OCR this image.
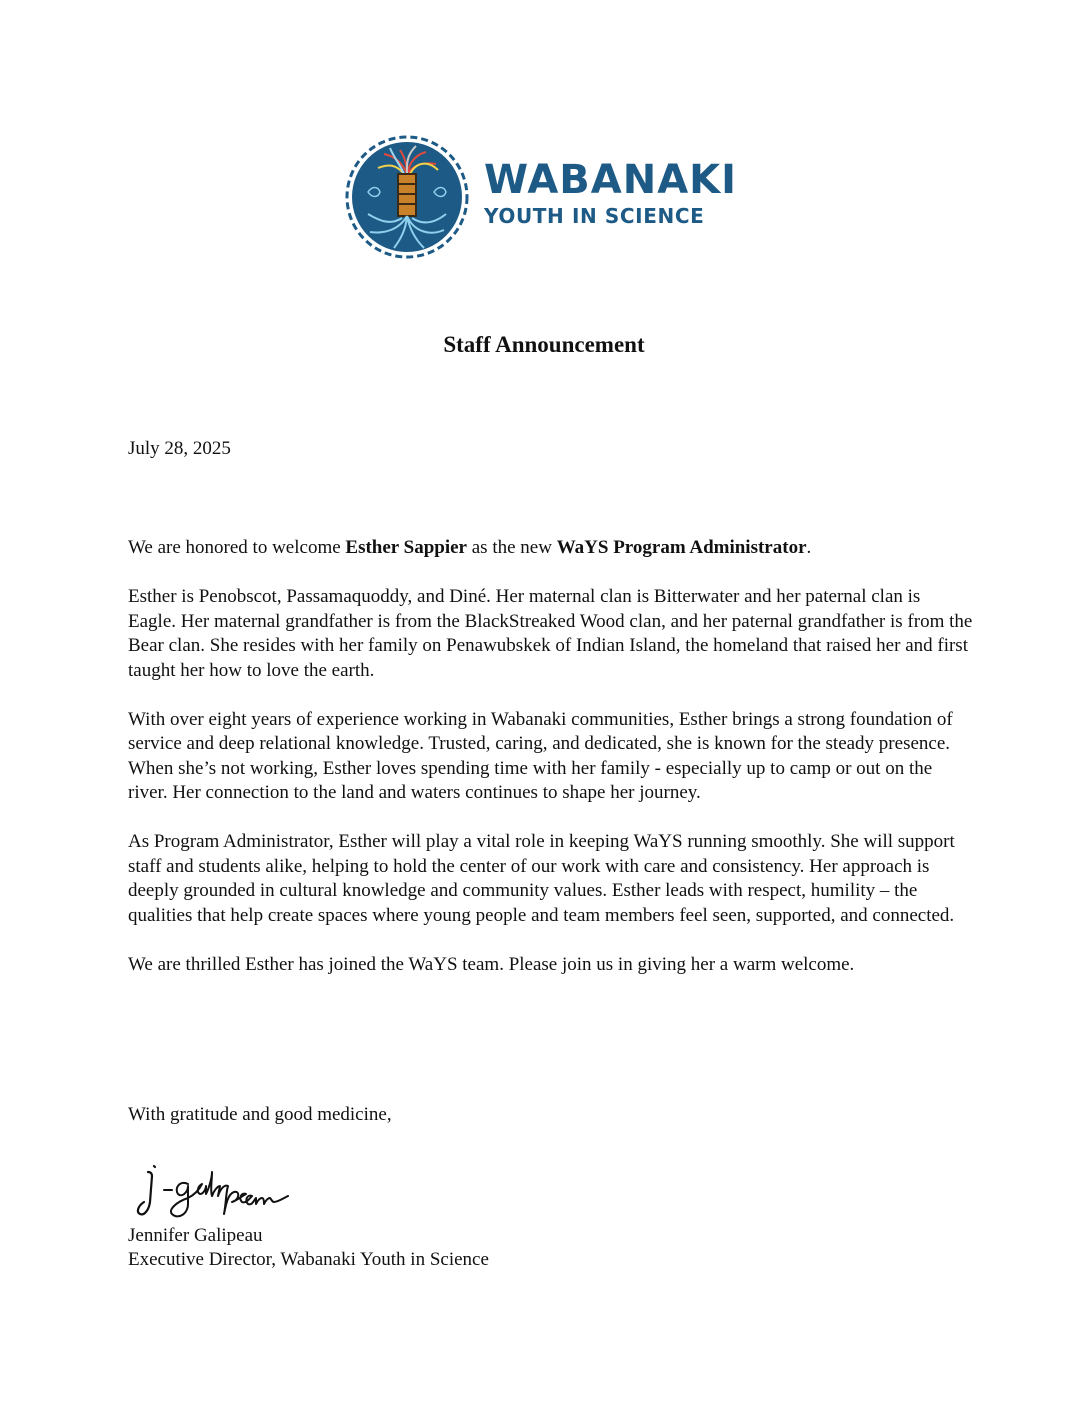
WABANAKI
YOUTH IN SCIENCE
Staff Announcement
July 28, 2025

We are honored to welcome Esther Sappier as the new WaYS Program Administrator.

Esther is Penobscot, Passamaquoddy, and Diné. Her maternal clan is Bitterwater and her paternal clan is Eagle. Her maternal grandfather is from the BlackStreaked Wood clan, and her paternal grandfather is from the Bear clan. She resides with her family on Penawubskek of Indian Island, the homeland that raised her and first taught her how to love the earth.

With over eight years of experience working in Wabanaki communities, Esther brings a strong foundation of service and deep relational knowledge. Trusted, caring, and dedicated, she is known for the steady presence. When she’s not working, Esther loves spending time with her family - especially up to camp or out on the river. Her connection to the land and waters continues to shape her journey.

As Program Administrator, Esther will play a vital role in keeping WaYS running smoothly. She will support staff and students alike, helping to hold the center of our work with care and consistency. Her approach is deeply grounded in cultural knowledge and community values. Esther leads with respect, humility – the qualities that help create spaces where young people and team members feel seen, supported, and connected.

We are thrilled Esther has joined the WaYS team. Please join us in giving her a warm welcome.

With gratitude and good medicine,
Jennifer Galipeau
Executive Director, Wabanaki Youth in Science
